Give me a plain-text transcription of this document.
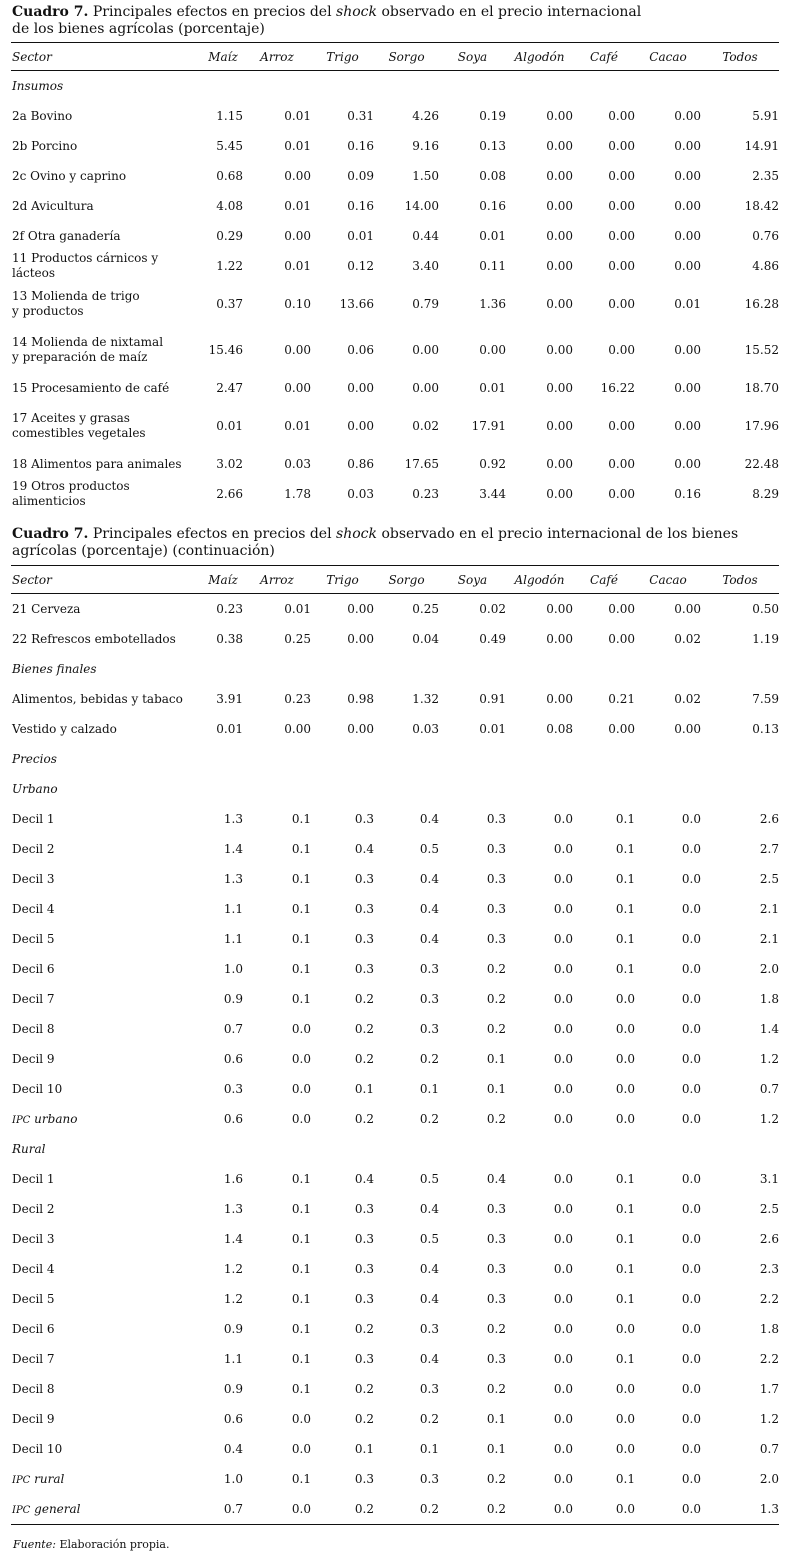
Cuadro 7. Principales efectos en precios del shock observado en el precio internacional
de los bienes agrícolas (porcentaje)
Sector	Maíz	Arroz	Trigo	Sorgo	Soya	Algodón	Café	Cacao	Todos
Insumos									
2a Bovino	1.15	0.01	0.31	4.26	0.19	0.00	0.00	0.00	5.91
2b Porcino	5.45	0.01	0.16	9.16	0.13	0.00	0.00	0.00	14.91
2c Ovino y caprino	0.68	0.00	0.09	1.50	0.08	0.00	0.00	0.00	2.35
2d Avicultura	4.08	0.01	0.16	14.00	0.16	0.00	0.00	0.00	18.42
2f Otra ganadería	0.29	0.00	0.01	0.44	0.01	0.00	0.00	0.00	0.76
11 Productos cárnicos y lácteos	1.22	0.01	0.12	3.40	0.11	0.00	0.00	0.00	4.86
13 Molienda de trigo
y productos	0.37	0.10	13.66	0.79	1.36	0.00	0.00	0.01	16.28
14 Molienda de nixtamal
y preparación de maíz	15.46	0.00	0.06	0.00	0.00	0.00	0.00	0.00	15.52
15 Procesamiento de café	2.47	0.00	0.00	0.00	0.01	0.00	16.22	0.00	18.70
17 Aceites y grasas
comestibles vegetales	0.01	0.01	0.00	0.02	17.91	0.00	0.00	0.00	17.96
18 Alimentos para animales	3.02	0.03	0.86	17.65	0.92	0.00	0.00	0.00	22.48
19 Otros productos alimenticios	2.66	1.78	0.03	0.23	3.44	0.00	0.00	0.16	8.29
Cuadro 7. Principales efectos en precios del shock observado en el precio internacional de los bienes
agrícolas (porcentaje) (continuación)
Sector	Maíz	Arroz	Trigo	Sorgo	Soya	Algodón	Café	Cacao	Todos
21 Cerveza	0.23	0.01	0.00	0.25	0.02	0.00	0.00	0.00	0.50
22 Refrescos embotellados	0.38	0.25	0.00	0.04	0.49	0.00	0.00	0.02	1.19
Bienes finales									
Alimentos, bebidas y tabaco	3.91	0.23	0.98	1.32	0.91	0.00	0.21	0.02	7.59
Vestido y calzado	0.01	0.00	0.00	0.03	0.01	0.08	0.00	0.00	0.13
Precios									
Urbano									
Decil 1	1.3	0.1	0.3	0.4	0.3	0.0	0.1	0.0	2.6
Decil 2	1.4	0.1	0.4	0.5	0.3	0.0	0.1	0.0	2.7
Decil 3	1.3	0.1	0.3	0.4	0.3	0.0	0.1	0.0	2.5
Decil 4	1.1	0.1	0.3	0.4	0.3	0.0	0.1	0.0	2.1
Decil 5	1.1	0.1	0.3	0.4	0.3	0.0	0.1	0.0	2.1
Decil 6	1.0	0.1	0.3	0.3	0.2	0.0	0.1	0.0	2.0
Decil 7	0.9	0.1	0.2	0.3	0.2	0.0	0.0	0.0	1.8
Decil 8	0.7	0.0	0.2	0.3	0.2	0.0	0.0	0.0	1.4
Decil 9	0.6	0.0	0.2	0.2	0.1	0.0	0.0	0.0	1.2
Decil 10	0.3	0.0	0.1	0.1	0.1	0.0	0.0	0.0	0.7
IPC urbano	0.6	0.0	0.2	0.2	0.2	0.0	0.0	0.0	1.2
Rural									
Decil 1	1.6	0.1	0.4	0.5	0.4	0.0	0.1	0.0	3.1
Decil 2	1.3	0.1	0.3	0.4	0.3	0.0	0.1	0.0	2.5
Decil 3	1.4	0.1	0.3	0.5	0.3	0.0	0.1	0.0	2.6
Decil 4	1.2	0.1	0.3	0.4	0.3	0.0	0.1	0.0	2.3
Decil 5	1.2	0.1	0.3	0.4	0.3	0.0	0.1	0.0	2.2
Decil 6	0.9	0.1	0.2	0.3	0.2	0.0	0.0	0.0	1.8
Decil 7	1.1	0.1	0.3	0.4	0.3	0.0	0.1	0.0	2.2
Decil 8	0.9	0.1	0.2	0.3	0.2	0.0	0.0	0.0	1.7
Decil 9	0.6	0.0	0.2	0.2	0.1	0.0	0.0	0.0	1.2
Decil 10	0.4	0.0	0.1	0.1	0.1	0.0	0.0	0.0	0.7
IPC rural	1.0	0.1	0.3	0.3	0.2	0.0	0.1	0.0	2.0
IPC general	0.7	0.0	0.2	0.2	0.2	0.0	0.0	0.0	1.3
Fuente: Elaboración propia.
